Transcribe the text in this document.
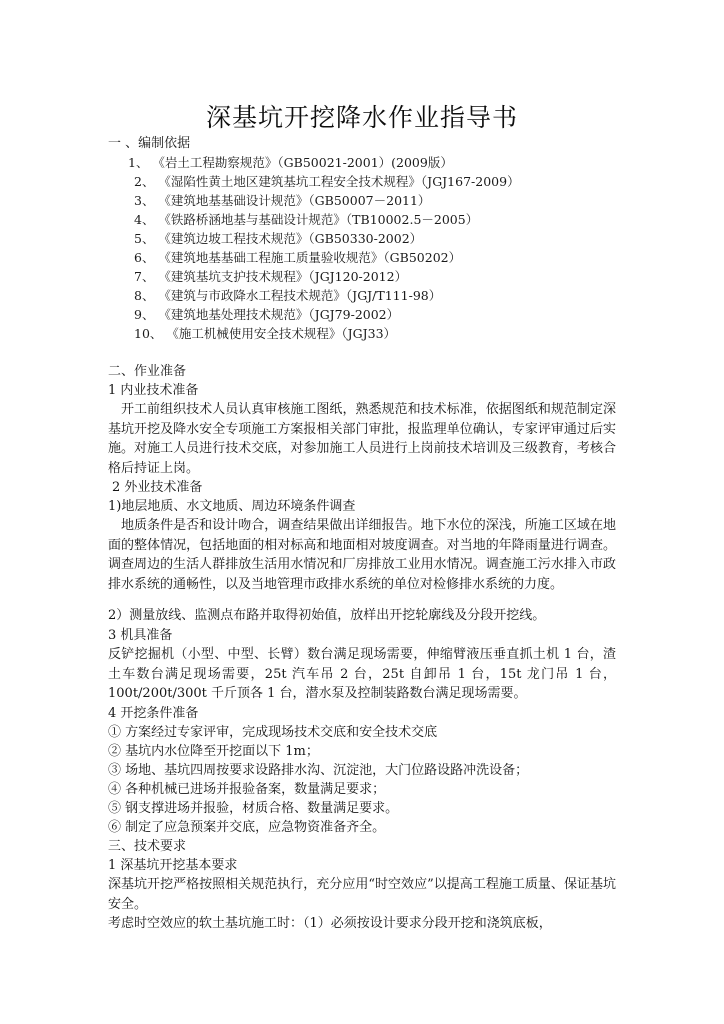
深基坑开挖降水作业指导书
一 、编制依据
1、 《岩土工程勘察规范》（GB50021-2001）(2009版）
2、 《湿陷性黄土地区建筑基坑工程安全技术规程》（JGJ167-2009）
3、 《建筑地基基础设计规范》（GB50007－2011）
4、 《铁路桥涵地基与基础设计规范》（TB10002.5－2005）
5、 《建筑边坡工程技术规范》（GB50330-2002）
6、 《建筑地基基础工程施工质量验收规范》（GB50202）
7、 《建筑基坑支护技术规程》（JGJ120-2012）
8、 《建筑与市政降水工程技术规范》（JGJ/T111-98）
9、 《建筑地基处理技术规范》（JGJ79-2002）
10、 《施工机械使用安全技术规程》（JGJ33）
二、作业准备
1 内业技术准备

开工前组织技术人员认真审核施工图纸，熟悉规范和技术标准，依据图纸和规范制定深基坑开挖及降水安全专项施工方案报相关部门审批，报监理单位确认，专家评审通过后实施。对施工人员进行技术交底，对参加施工人员进行上岗前技术培训及三级教育，考核合格后持证上岗。

2 外业技术准备
1)地层地质、水文地质、周边环境条件调查

地质条件是否和设计吻合，调查结果做出详细报告。地下水位的深浅，所施工区域在地面的整体情况，包括地面的相对标高和地面相对坡度调查。对当地的年降雨量进行调查。调查周边的生活人群排放生活用水情况和厂房排放工业用水情况。调查施工污水排入市政排水系统的通畅性，以及当地管理市政排水系统的单位对检修排水系统的力度。

2）测量放线、监测点布路并取得初始值，放样出开挖轮廓线及分段开挖线。
3 机具准备

反铲挖掘机（小型、中型、长臂）数台满足现场需要，伸缩臂液压垂直抓土机 1 台，渣土车数台满足现场需要，25t 汽车吊 2 台，25t 自卸吊 1 台，15t 龙门吊 1 台，100t/200t/300t 千斤顶各 1 台，潜水泵及控制装路数台满足现场需要。

4 开挖条件准备
① 方案经过专家评审，完成现场技术交底和安全技术交底
② 基坑内水位降至开挖面以下 1m；
③ 场地、基坑四周按要求设路排水沟、沉淀池，大门位路设路冲洗设备；
④ 各种机械已进场并报验备案，数量满足要求；
⑤ 钢支撑进场并报验，材质合格、数量满足要求。
⑥ 制定了应急预案并交底，应急物资准备齐全。
三、技术要求
1 深基坑开挖基本要求

深基坑开挖严格按照相关规范执行，充分应用“时空效应”以提高工程施工质量、保证基坑安全。

考虑时空效应的软土基坑施工时：（1）必须按设计要求分段开挖和浇筑底板，
